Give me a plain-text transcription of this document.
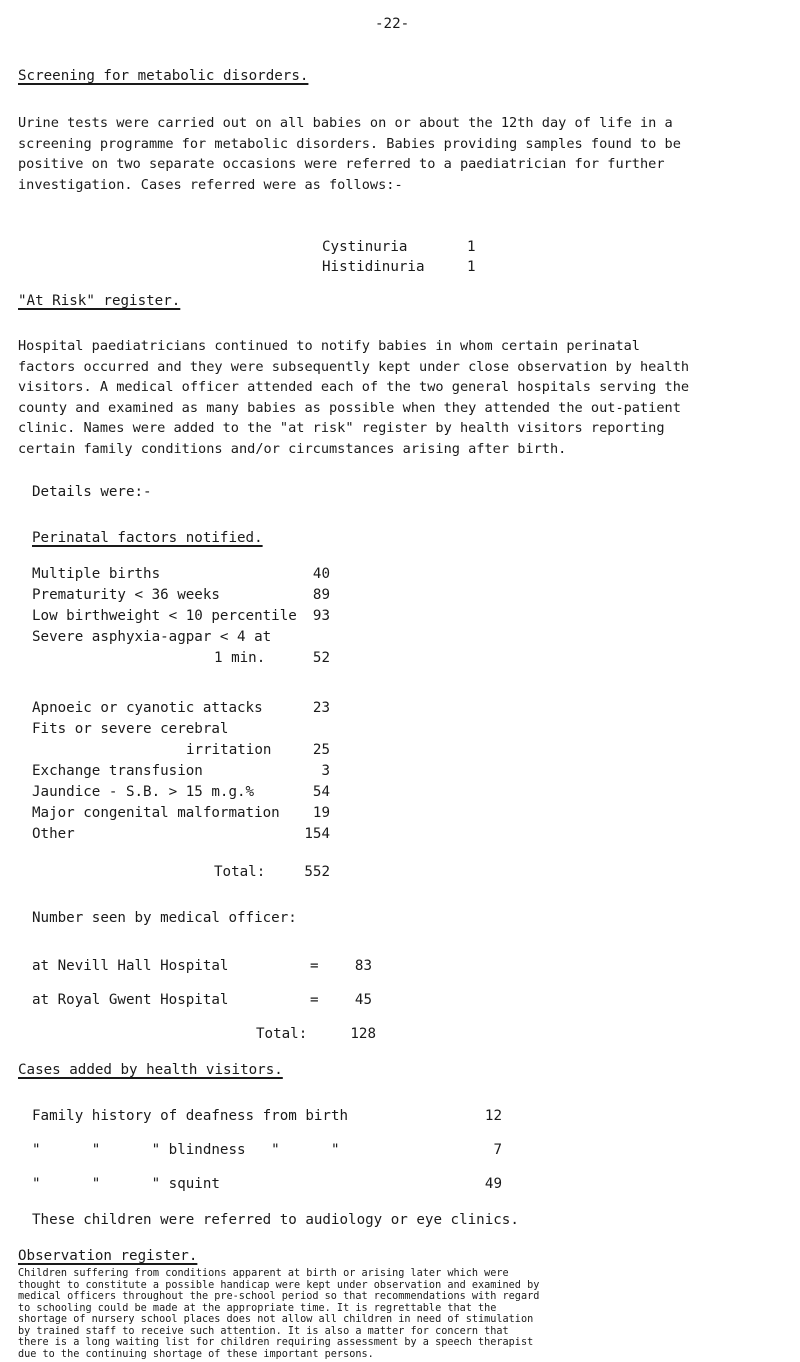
-22-
Screening for metabolic disorders.
Urine tests were carried out on all babies on or about the 12th day of life in a
screening programme for metabolic disorders. Babies providing samples found to be
positive on two separate occasions were referred to a paediatrician for further
investigation. Cases referred were as follows:-
Cystinuria	1
Histidinuria	1
"At Risk" register.
Hospital paediatricians continued to notify babies in whom certain perinatal
factors occurred and they were subsequently kept under close observation by health
visitors. A medical officer attended each of the two general hospitals serving the
county and examined as many babies as possible when they attended the out-patient
clinic. Names were added to the "at risk" register by health visitors reporting
certain family conditions and/or circumstances arising after birth.
Details were:-
Perinatal factors notified.
Multiple births	40
Prematurity < 36 weeks	89
Low birthweight < 10 percentile	93
Severe asphyxia-agpar < 4 at
1 min.	52
Apnoeic or cyanotic attacks	23
Fits or severe cerebral
irritation	25
Exchange transfusion	3
Jaundice - S.B. > 15 m.g.%	54
Major congenital malformation	19
Other	154
Total:	552
Number seen by medical officer:
at Nevill Hall Hospital	=	83
at Royal Gwent Hospital	=	45
Total:	128
Cases added by health visitors.
Family history of deafness from birth	12
"      "      " blindness   "      "	7
"      "      " squint	49
These children were referred to audiology or eye clinics.
Observation register.
Children suffering from conditions apparent at birth or arising later which were
thought to constitute a possible handicap were kept under observation and examined by
medical officers throughout the pre-school period so that recommendations with regard
to schooling could be made at the appropriate time. It is regrettable that the
shortage of nursery school places does not allow all children in need of stimulation
by trained staff to receive such attention. It is also a matter for concern that
there is a long waiting list for children requiring assessment by a speech therapist
due to the continuing shortage of these important persons.
